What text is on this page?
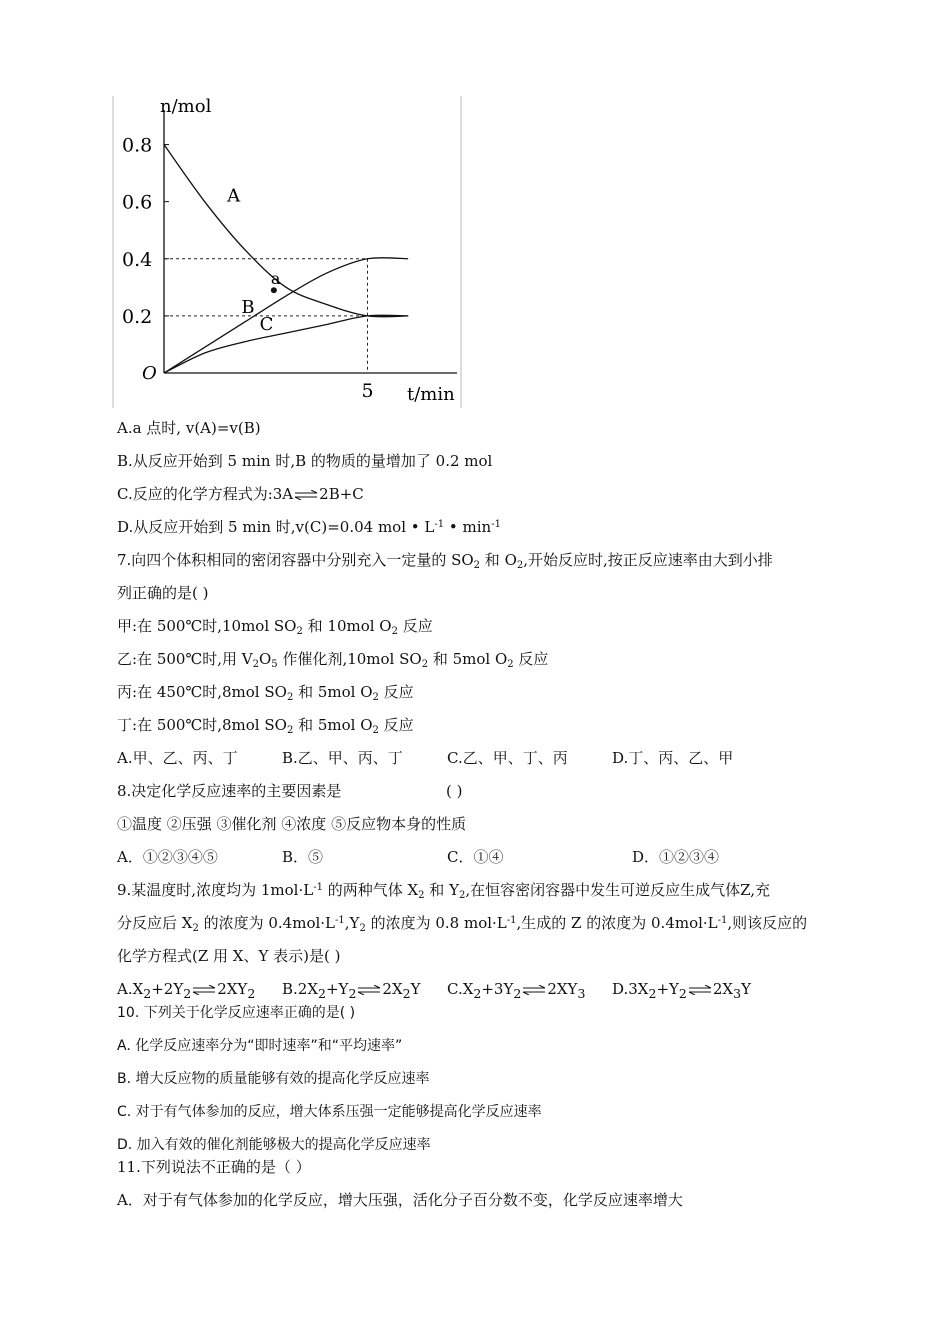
n/mol
t/min
O
0.2
0.4
0.6
0.8
5
A
B
C
a
A.a 点时, v(A)=v(B)
B.从反应开始到 5 min 时,B 的物质的量增加了 0.2 mol
C.反应的化学方程式为:3A⇌2B+C
D.从反应开始到 5 min 时,v(C)=0.04 mol • $L^{-1}$ • $\min^{-1}$
7.向四个体积相同的密闭容器中分别充入一定量的 $SO_2$ 和 $O_2$,开始反应时,按正反应速率由大到小排
列正确的是( )
甲:在 500℃时,10mol $SO_2$ 和 10mol $O_2$ 反应
乙:在 500℃时,用 $V_2O_5$ 作催化剂,10mol $SO_2$ 和 5mol $O_2$ 反应
丙:在 450℃时,8mol $SO_2$ 和 5mol $O_2$ 反应
丁:在 500℃时,8mol $SO_2$ 和 5mol $O_2$ 反应
A.甲、乙、丙、丁	B.乙、甲、丙、丁	C.乙、甲、丁、丙	D.丁、丙、乙、甲
8.决定化学反应速率的主要因素是	( )
①温度 ②压强 ③催化剂 ④浓度 ⑤反应物本身的性质
A．①②③④⑤	B．⑤	C．①④	D．①②③④
9.某温度时,浓度均为 $1mol\cdot L^{-1}$ 的两种气体 $X_2$ 和 $Y_2$,在恒容密闭容器中发生可逆反应生成气体Z,充
分反应后 $X_2$ 的浓度为 $0.4mol\cdot L^{-1},Y_2$ 的浓度为 0.8 $mol\cdot L^{-1}$,生成的 Z 的浓度为 $0.4mol\cdot L^{-1}$,则该反应的
化学方程式(Z 用 X、Y 表示)是( )
$A.X_2+2Y_2\rightleftharpoons 2XY_2$ $B.2X_2+Y_2\rightleftharpoons 2X_2Y$ $C.X_2+3Y_2\rightleftharpoons 2XY_3$ $D.3X_2+Y_2\rightleftharpoons 2X_3Y$
10. 下列关于化学反应速率正确的是( )
A. 化学反应速率分为“即时速率”和“平均速率”
B. 增大反应物的质量能够有效的提高化学反应速率
C. 对于有气体参加的反应，增大体系压强一定能够提高化学反应速率
D. 加入有效的催化剂能够极大的提高化学反应速率
11.下列说法不正确的是（ ）
A．对于有气体参加的化学反应，增大压强，活化分子百分数不变，化学反应速率增大
